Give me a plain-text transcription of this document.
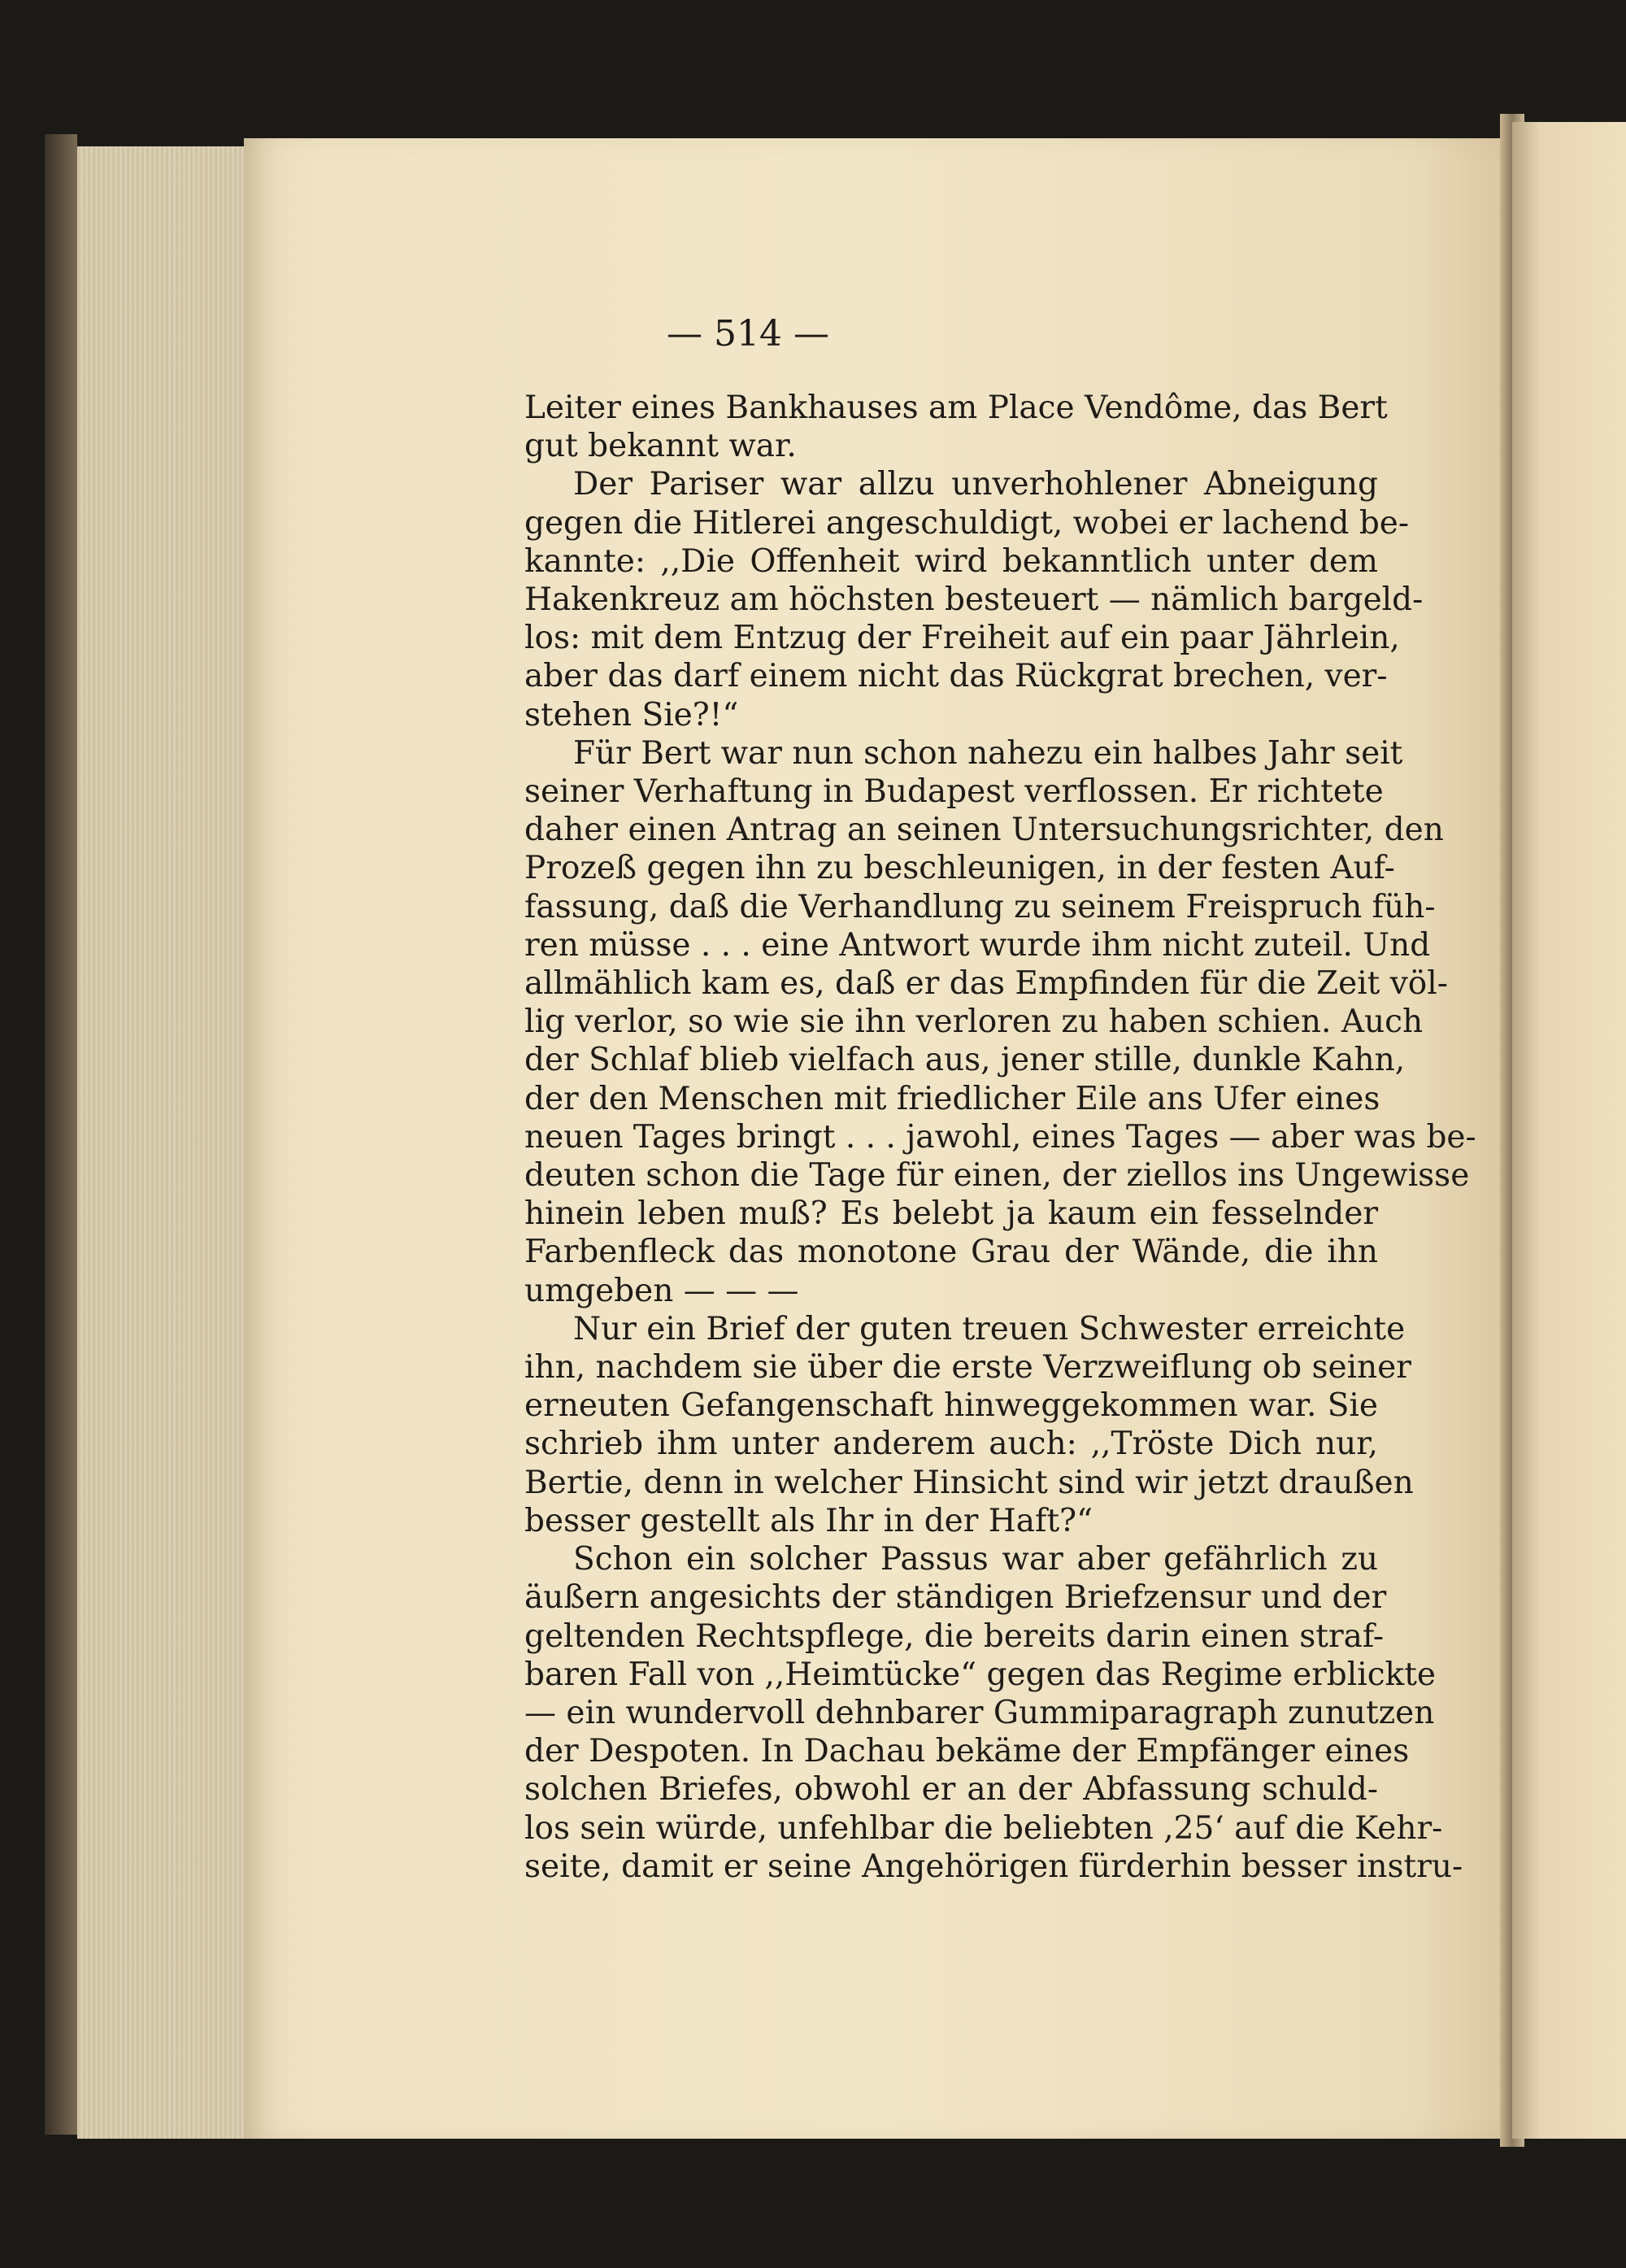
— 514 —
Leiter eines Bankhauses am Place Vendôme, das Bert
gut bekannt war.
Der Pariser war allzu unverhohlener Abneigung
gegen die Hitlerei angeschuldigt, wobei er lachend be-
kannte: ,,Die Offenheit wird bekanntlich unter dem
Hakenkreuz am höchsten besteuert — nämlich bargeld-
los: mit dem Entzug der Freiheit auf ein paar Jährlein,
aber das darf einem nicht das Rückgrat brechen, ver-
stehen Sie?!“
Für Bert war nun schon nahezu ein halbes Jahr seit
seiner Verhaftung in Budapest verflossen. Er richtete
daher einen Antrag an seinen Untersuchungsrichter, den
Prozeß gegen ihn zu beschleunigen, in der festen Auf-
fassung, daß die Verhandlung zu seinem Freispruch füh-
ren müsse . . . eine Antwort wurde ihm nicht zuteil. Und
allmählich kam es, daß er das Empfinden für die Zeit völ-
lig verlor, so wie sie ihn verloren zu haben schien. Auch
der Schlaf blieb vielfach aus, jener stille, dunkle Kahn,
der den Menschen mit friedlicher Eile ans Ufer eines
neuen Tages bringt . . . jawohl, eines Tages — aber was be-
deuten schon die Tage für einen, der ziellos ins Ungewisse
hinein leben muß? Es belebt ja kaum ein fesselnder
Farbenfleck das monotone Grau der Wände, die ihn
umgeben — — —
Nur ein Brief der guten treuen Schwester erreichte
ihn, nachdem sie über die erste Verzweiflung ob seiner
erneuten Gefangenschaft hinweggekommen war. Sie
schrieb ihm unter anderem auch: ,,Tröste Dich nur,
Bertie, denn in welcher Hinsicht sind wir jetzt draußen
besser gestellt als Ihr in der Haft?“
Schon ein solcher Passus war aber gefährlich zu
äußern angesichts der ständigen Briefzensur und der
geltenden Rechtspflege, die bereits darin einen straf-
baren Fall von ,,Heimtücke“ gegen das Regime erblickte
— ein wundervoll dehnbarer Gummiparagraph zunutzen
der Despoten. In Dachau bekäme der Empfänger eines
solchen Briefes, obwohl er an der Abfassung schuld-
los sein würde, unfehlbar die beliebten ,25‘ auf die Kehr-
seite, damit er seine Angehörigen fürderhin besser instru-
